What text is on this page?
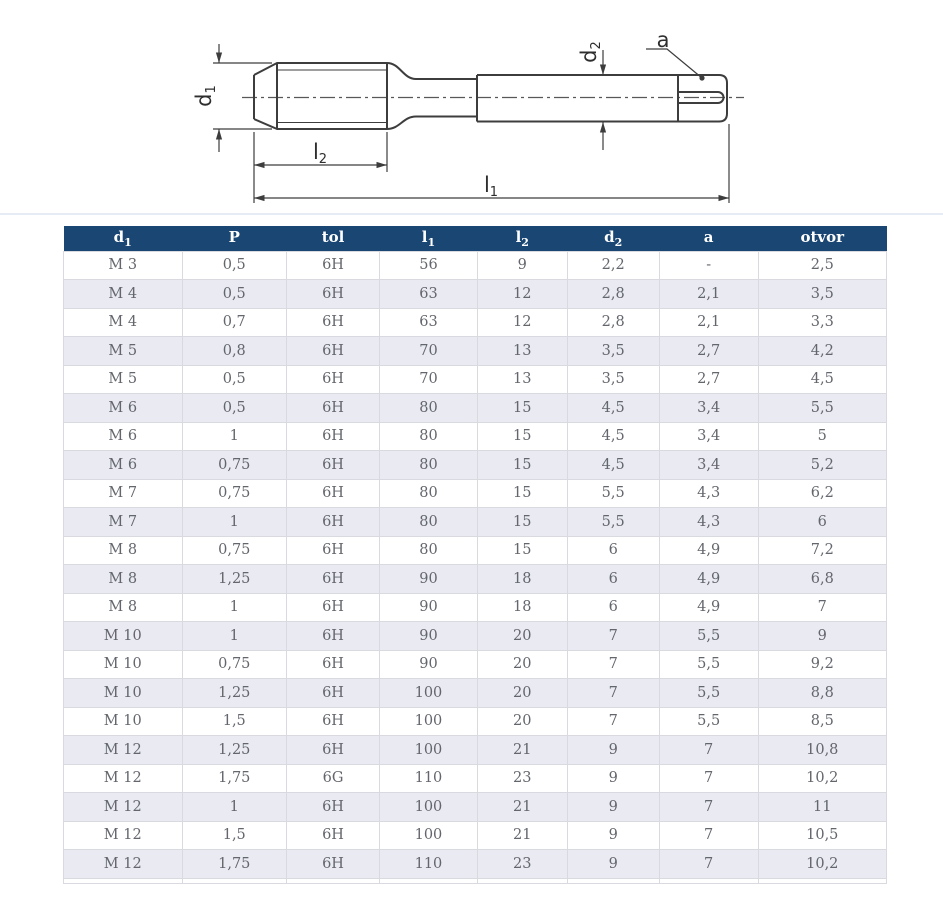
d1
l2
l1
d2	a
$d_1$	P	tol	$l_1$	$l_2$	$d_2$	a	otvor
M 3	0,5	6H	56	9	2,2	-	2,5
M 4	0,5	6H	63	12	2,8	2,1	3,5
M 4	0,7	6H	63	12	2,8	2,1	3,3
M 5	0,8	6H	70	13	3,5	2,7	4,2
M 5	0,5	6H	70	13	3,5	2,7	4,5
M 6	0,5	6H	80	15	4,5	3,4	5,5
M 6	1	6H	80	15	4,5	3,4	5
M 6	0,75	6H	80	15	4,5	3,4	5,2
M 7	0,75	6H	80	15	5,5	4,3	6,2
M 7	1	6H	80	15	5,5	4,3	6
M 8	0,75	6H	80	15	6	4,9	7,2
M 8	1,25	6H	90	18	6	4,9	6,8
M 8	1	6H	90	18	6	4,9	7
M 10	1	6H	90	20	7	5,5	9
M 10	0,75	6H	90	20	7	5,5	9,2
M 10	1,25	6H	100	20	7	5,5	8,8
M 10	1,5	6H	100	20	7	5,5	8,5
M 12	1,25	6H	100	21	9	7	10,8
M 12	1,75	6G	110	23	9	7	10,2
M 12	1	6H	100	21	9	7	11
M 12	1,5	6H	100	21	9	7	10,5
M 12	1,75	6H	110	23	9	7	10,2
